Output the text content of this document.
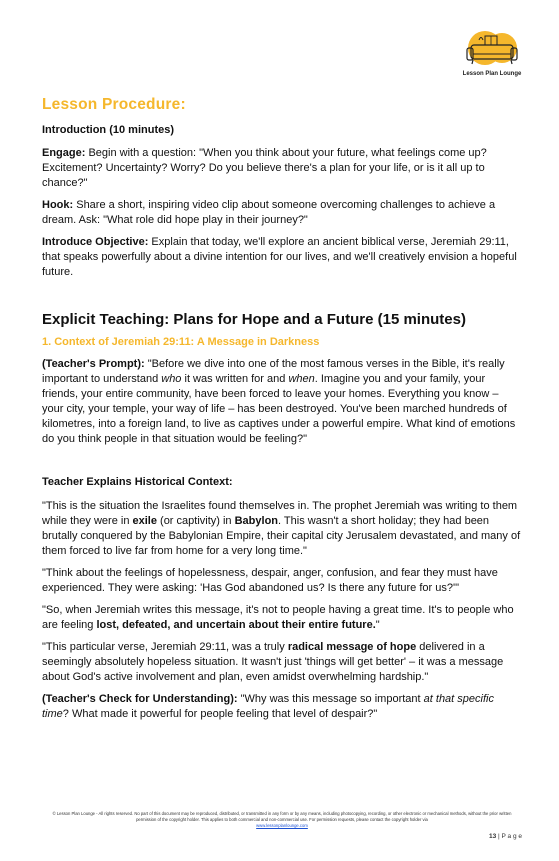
Lesson Plan Lounge
Lesson Procedure:
Introduction (10 minutes)

Engage: Begin with a question: "When you think about your future, what feelings come up? Excitement? Uncertainty? Worry? Do you believe there's a plan for your life, or is it all up to chance?"

Hook: Share a short, inspiring video clip about someone overcoming challenges to achieve a dream. Ask: "What role did hope play in their journey?"

Introduce Objective: Explain that today, we'll explore an ancient biblical verse, Jeremiah 29:11, that speaks powerfully about a divine intention for our lives, and we'll creatively envision a hopeful future.

Explicit Teaching: Plans for Hope and a Future (15 minutes)
1. Context of Jeremiah 29:11: A Message in Darkness

(Teacher's Prompt): "Before we dive into one of the most famous verses in the Bible, it's really important to understand who it was written for and when. Imagine you and your family, your friends, your entire community, have been forced to leave your homes. Everything you know – your city, your temple, your way of life – has been destroyed. You've been marched hundreds of kilometres, into a foreign land, to live as captives under a powerful empire. What kind of emotions do you think people in that situation would be feeling?"

Teacher Explains Historical Context:

"This is the situation the Israelites found themselves in. The prophet Jeremiah was writing to them while they were in exile (or captivity) in Babylon. This wasn't a short holiday; they had been brutally conquered by the Babylonian Empire, their capital city Jerusalem devastated, and many of them forced to live far from home for a very long time."

"Think about the feelings of hopelessness, despair, anger, confusion, and fear they must have experienced. They were asking: 'Has God abandoned us? Is there any future for us?'"

"So, when Jeremiah writes this message, it's not to people having a great time. It's to people who are feeling lost, defeated, and uncertain about their entire future."

"This particular verse, Jeremiah 29:11, was a truly radical message of hope delivered in a seemingly absolutely hopeless situation. It wasn't just 'things will get better' – it was a message about God's active involvement and plan, even amidst overwhelming hardship."

(Teacher's Check for Understanding): "Why was this message so important at that specific time? What made it powerful for people feeling that level of despair?"

© Lesson Plan Lounge - All rights reserved. No part of this document may be reproduced, distributed, or transmitted in any form or by any means, including photocopying, recording, or other electronic or mechanical methods, without the prior written permission of the copyright holder. This applies to both commercial and non-commercial use. For permission requests, please contact the copyright holder via
www.lessonplanlounge.com
13 | P a g e
